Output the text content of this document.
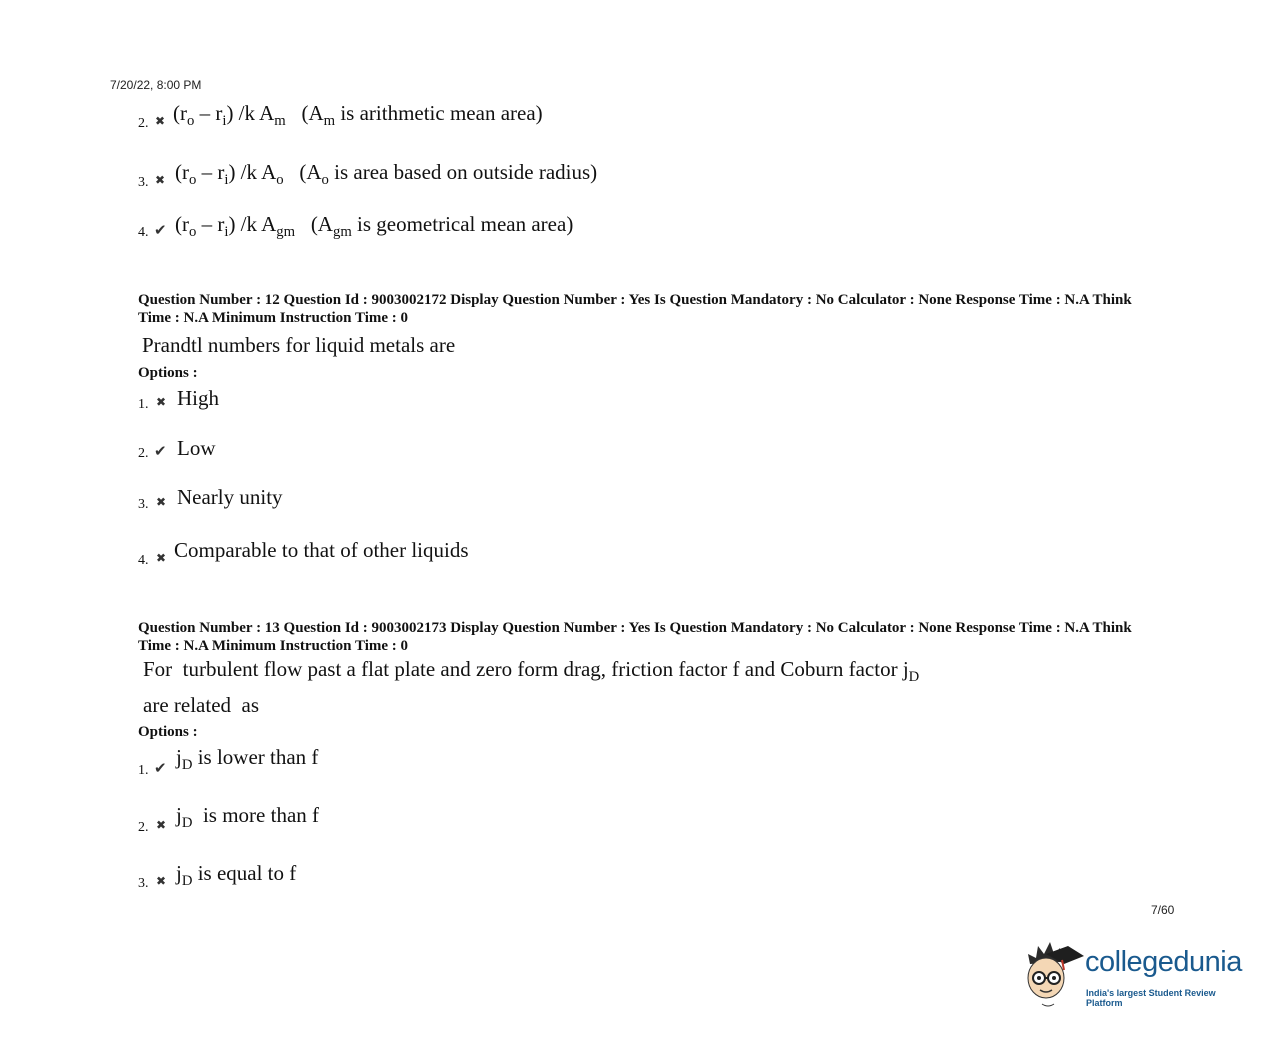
7/20/22, 8:00 PM
2. ✖ $(r_o - r_i)$ /k $A_m$   ($A_m$ is arithmetic mean area)
3. ✖ $(r_o - r_i)$ /k $A_o$   ($A_o$ is area based on outside radius)
4. ✔ $(r_o - r_i)$ /k $A_{gm}$   ($A_{gm}$ is geometrical mean area)
Question Number : 12 Question Id : 9003002172 Display Question Number : Yes Is Question Mandatory : No Calculator : None Response Time : N.A Think Time : N.A Minimum Instruction Time : 0
Prandtl numbers for liquid metals are
Options :
1. ✖ High
2. ✔ Low
3. ✖ Nearly unity
4. ✖ Comparable to that of other liquids
Question Number : 13 Question Id : 9003002173 Display Question Number : Yes Is Question Mandatory : No Calculator : None Response Time : N.A Think Time : N.A Minimum Instruction Time : 0
For  turbulent flow past a flat plate and zero form drag, friction factor f and Coburn factor $j_D$
are related  as
Options :
1. ✔ $j_D$ is lower than f
2. ✖ $j_D$  is more than f
3. ✖ $j_D$ is equal to f
7/60
collegedunia
India's largest Student Review Platform
